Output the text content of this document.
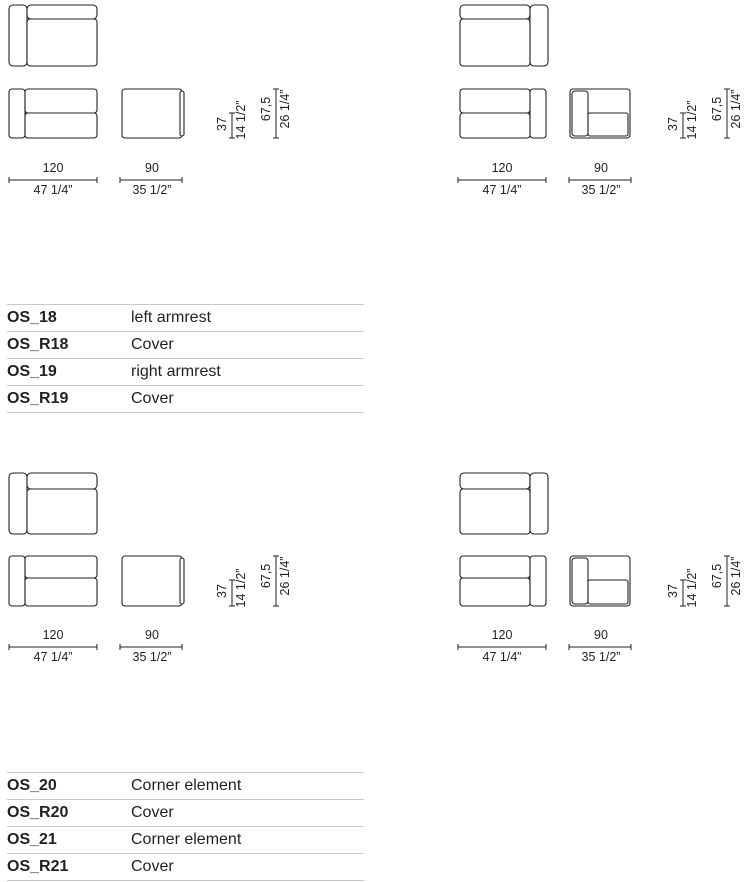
120
47 1/4”
90
35 1/2”
37 14 1/2” 67,5 26 1/4”
120
47 1/4”
90
35 1/2”
37 14 1/2” 67,5 26 1/4”
120
47 1/4”
90
35 1/2”
37 14 1/2” 67,5 26 1/4”
120
47 1/4”
90
35 1/2”
37 14 1/2” 67,5 26 1/4”
OS_18	left armrest
OS_R18	Cover
OS_19	right armrest
OS_R19	Cover
OS_20	Corner element
OS_R20	Cover
OS_21	Corner element
OS_R21	Cover
